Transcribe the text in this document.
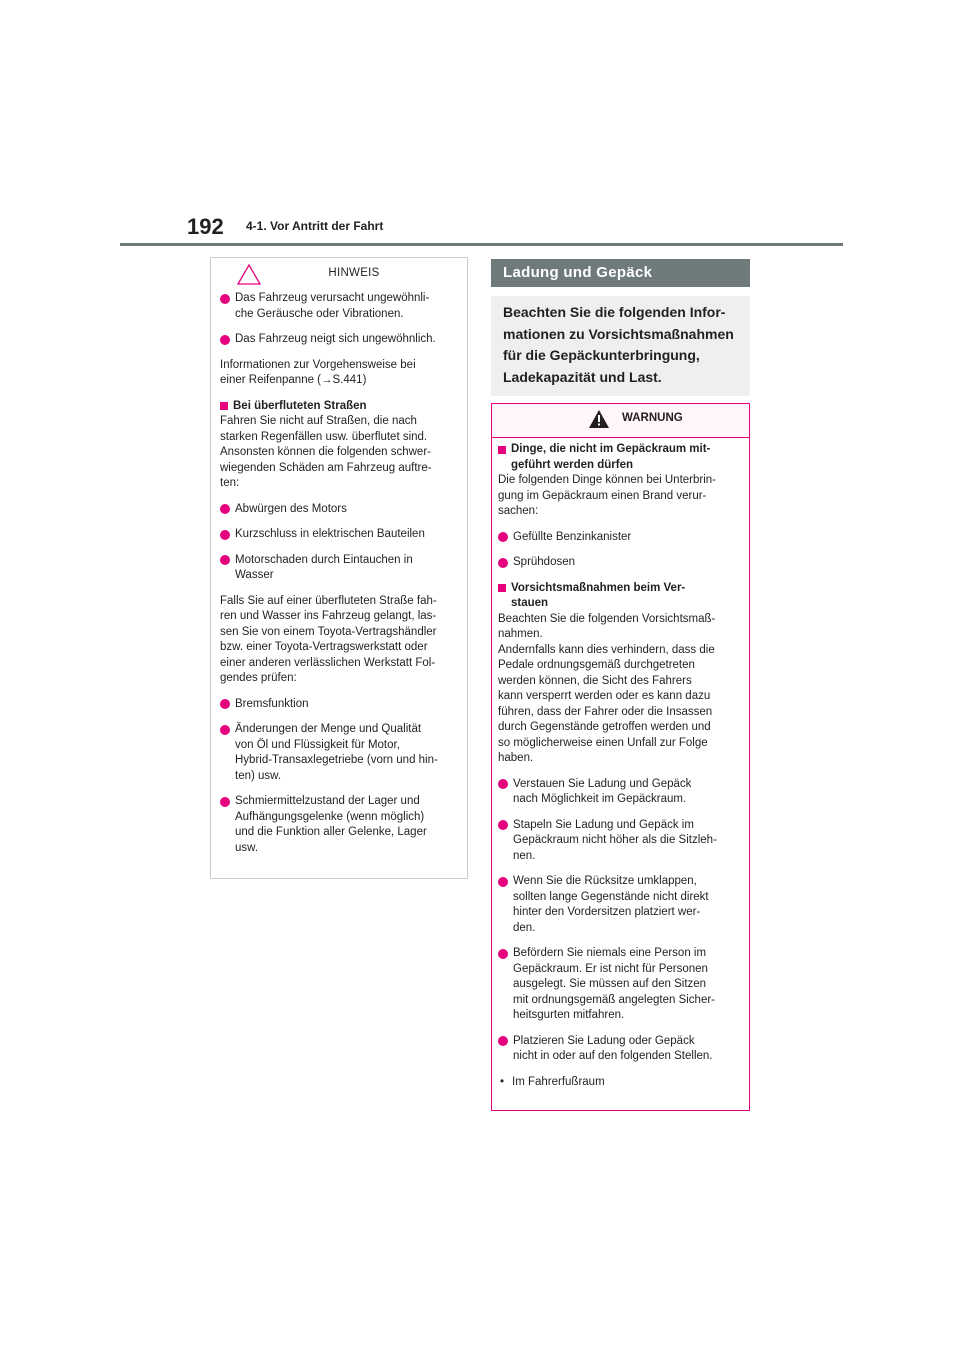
192 4-1. Vor Antritt der Fahrt
HINWEIS
Das Fahrzeug verursacht ungewöhnli-
che Geräusche oder Vibrationen.
Das Fahrzeug neigt sich ungewöhnlich.
Informationen zur Vorgehensweise bei
einer Reifenpanne (→S.441)
Bei überfluteten Straßen
Fahren Sie nicht auf Straßen, die nach
starken Regenfällen usw. überflutet sind.
Ansonsten können die folgenden schwer-
wiegenden Schäden am Fahrzeug auftre-
ten:
Abwürgen des Motors
Kurzschluss in elektrischen Bauteilen
Motorschaden durch Eintauchen in
Wasser
Falls Sie auf einer überfluteten Straße fah-
ren und Wasser ins Fahrzeug gelangt, las-
sen Sie von einem Toyota-Vertragshändler
bzw. einer Toyota-Vertragswerkstatt oder
einer anderen verlässlichen Werkstatt Fol-
gendes prüfen:
Bremsfunktion
Änderungen der Menge und Qualität
von Öl und Flüssigkeit für Motor,
Hybrid-Transaxlegetriebe (vorn und hin-
ten) usw.
Schmiermittelzustand der Lager und
Aufhängungsgelenke (wenn möglich)
und die Funktion aller Gelenke, Lager
usw.
Ladung und Gepäck
Beachten Sie die folgenden Infor-
mationen zu Vorsichtsmaßnahmen
für die Gepäckunterbringung,
Ladekapazität und Last.
WARNUNG
Dinge, die nicht im Gepäckraum mit-
geführt werden dürfen
Die folgenden Dinge können bei Unterbrin-
gung im Gepäckraum einen Brand verur-
sachen:
Gefüllte Benzinkanister
Sprühdosen
Vorsichtsmaßnahmen beim Ver-
stauen
Beachten Sie die folgenden Vorsichtsmaß-
nahmen.
Andernfalls kann dies verhindern, dass die
Pedale ordnungsgemäß durchgetreten
werden können, die Sicht des Fahrers
kann versperrt werden oder es kann dazu
führen, dass der Fahrer oder die Insassen
durch Gegenstände getroffen werden und
so möglicherweise einen Unfall zur Folge
haben.
Verstauen Sie Ladung und Gepäck
nach Möglichkeit im Gepäckraum.
Stapeln Sie Ladung und Gepäck im
Gepäckraum nicht höher als die Sitzleh-
nen.
Wenn Sie die Rücksitze umklappen,
sollten lange Gegenstände nicht direkt
hinter den Vordersitzen platziert wer-
den.
Befördern Sie niemals eine Person im
Gepäckraum. Er ist nicht für Personen
ausgelegt. Sie müssen auf den Sitzen
mit ordnungsgemäß angelegten Sicher-
heitsgurten mitfahren.
Platzieren Sie Ladung oder Gepäck
nicht in oder auf den folgenden Stellen.
• Im Fahrerfußraum
